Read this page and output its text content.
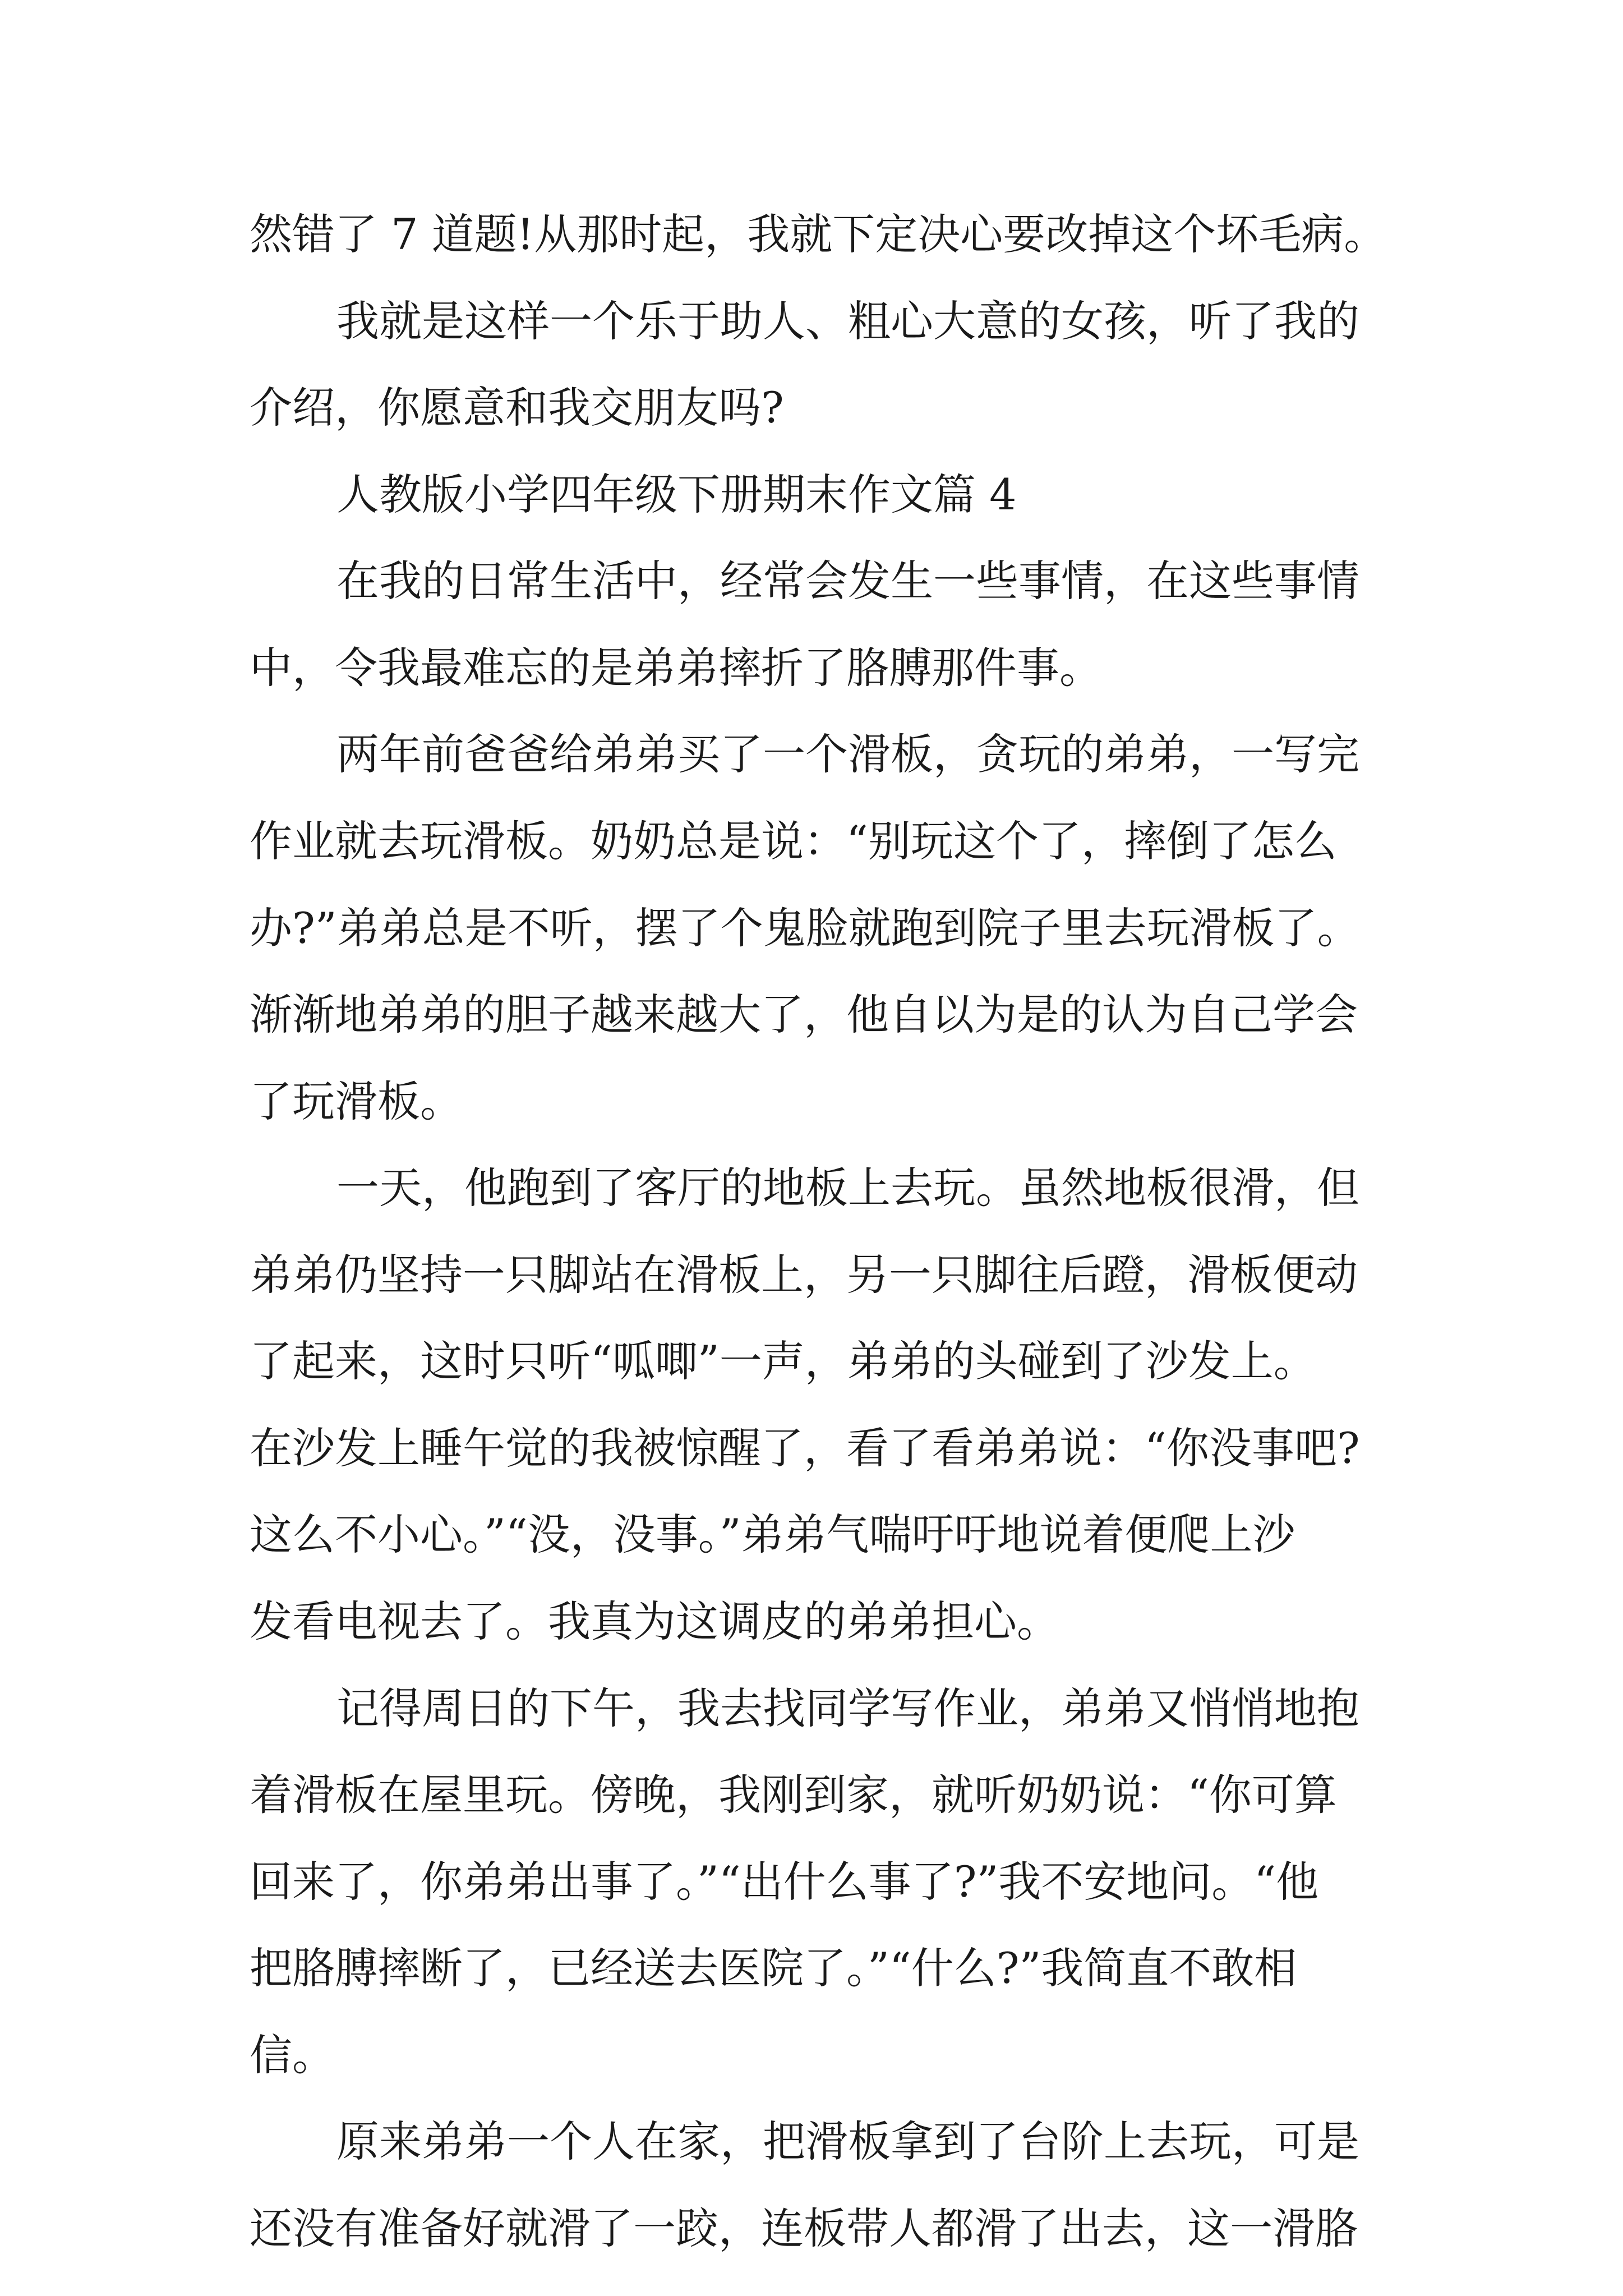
然错了 7 道题!从那时起，我就下定决心要改掉这个坏毛病。
我就是这样一个乐于助人、粗心大意的女孩，听了我的
介绍，你愿意和我交朋友吗?
人教版小学四年级下册期末作文篇 4
在我的日常生活中，经常会发生一些事情，在这些事情
中，令我最难忘的是弟弟摔折了胳膊那件事。
两年前爸爸给弟弟买了一个滑板，贪玩的弟弟，一写完
作业就去玩滑板。奶奶总是说：“别玩这个了，摔倒了怎么
办?”弟弟总是不听，摆了个鬼脸就跑到院子里去玩滑板了。
渐渐地弟弟的胆子越来越大了，他自以为是的认为自己学会
了玩滑板。
一天，他跑到了客厅的地板上去玩。虽然地板很滑，但
弟弟仍坚持一只脚站在滑板上，另一只脚往后蹬，滑板便动
了起来，这时只听“呱唧”一声，弟弟的头碰到了沙发上。
在沙发上睡午觉的我被惊醒了，看了看弟弟说：“你没事吧?
这么不小心。”“没，没事。”弟弟气喘吁吁地说着便爬上沙
发看电视去了。我真为这调皮的弟弟担心。
记得周日的下午，我去找同学写作业，弟弟又悄悄地抱
着滑板在屋里玩。傍晚，我刚到家，就听奶奶说：“你可算
回来了，你弟弟出事了。”“出什么事了?”我不安地问。“他
把胳膊摔断了，已经送去医院了。”“什么?”我简直不敢相
信。
原来弟弟一个人在家，把滑板拿到了台阶上去玩，可是
还没有准备好就滑了一跤，连板带人都滑了出去，这一滑胳
